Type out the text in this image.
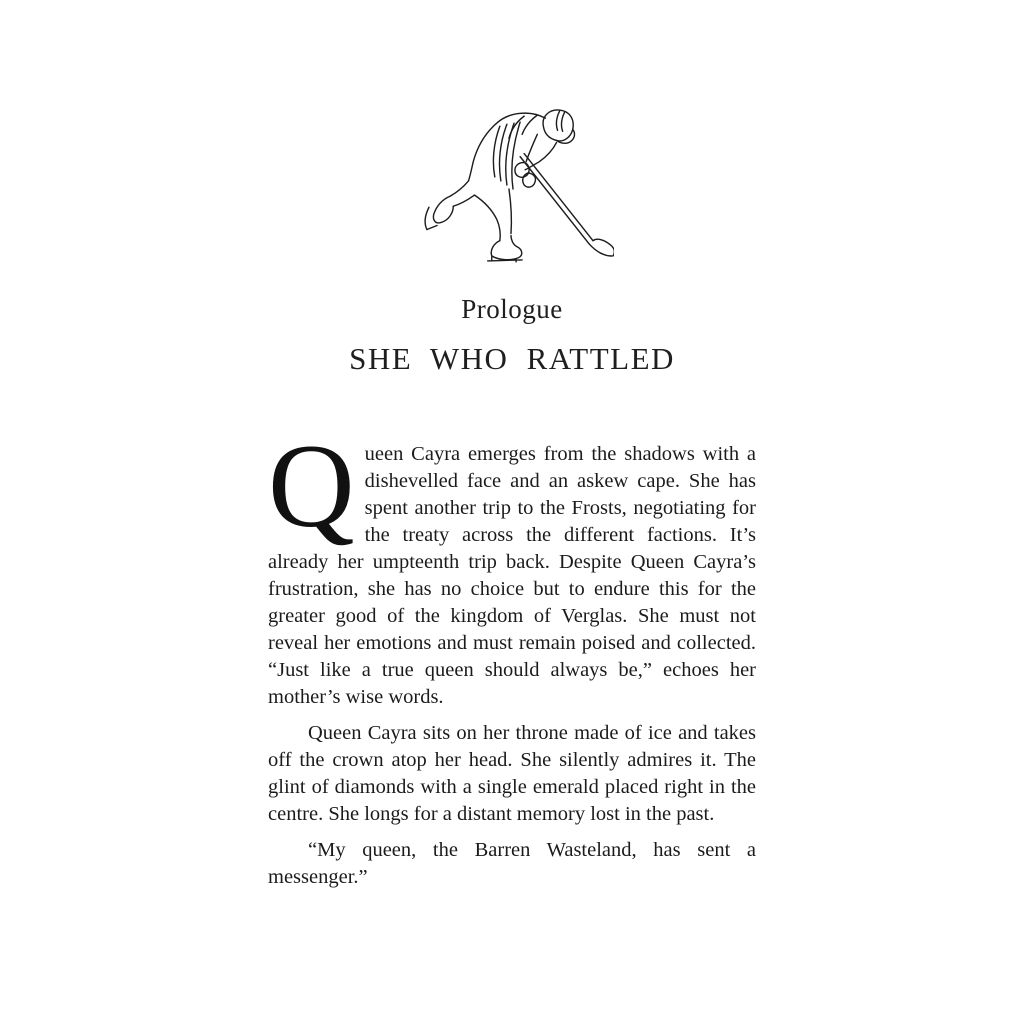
Prologue
SHE WHO RATTLED

Queen Cayra emerges from the shadows with a dishevelled face and an askew cape. She has spent another trip to the Frosts, negotiating for the treaty across the different factions. It’s already her umpteenth trip back. Despite Queen Cayra’s frustration, she has no choice but to endure this for the greater good of the kingdom of Verglas. She must not reveal her emotions and must remain poised and collected. “Just like a true queen should always be,” echoes her mother’s wise words.

Queen Cayra sits on her throne made of ice and takes off the crown atop her head. She silently admires it. The glint of diamonds with a single emerald placed right in the centre. She longs for a distant memory lost in the past.

“My queen, the Barren Wasteland, has sent a messenger.”
